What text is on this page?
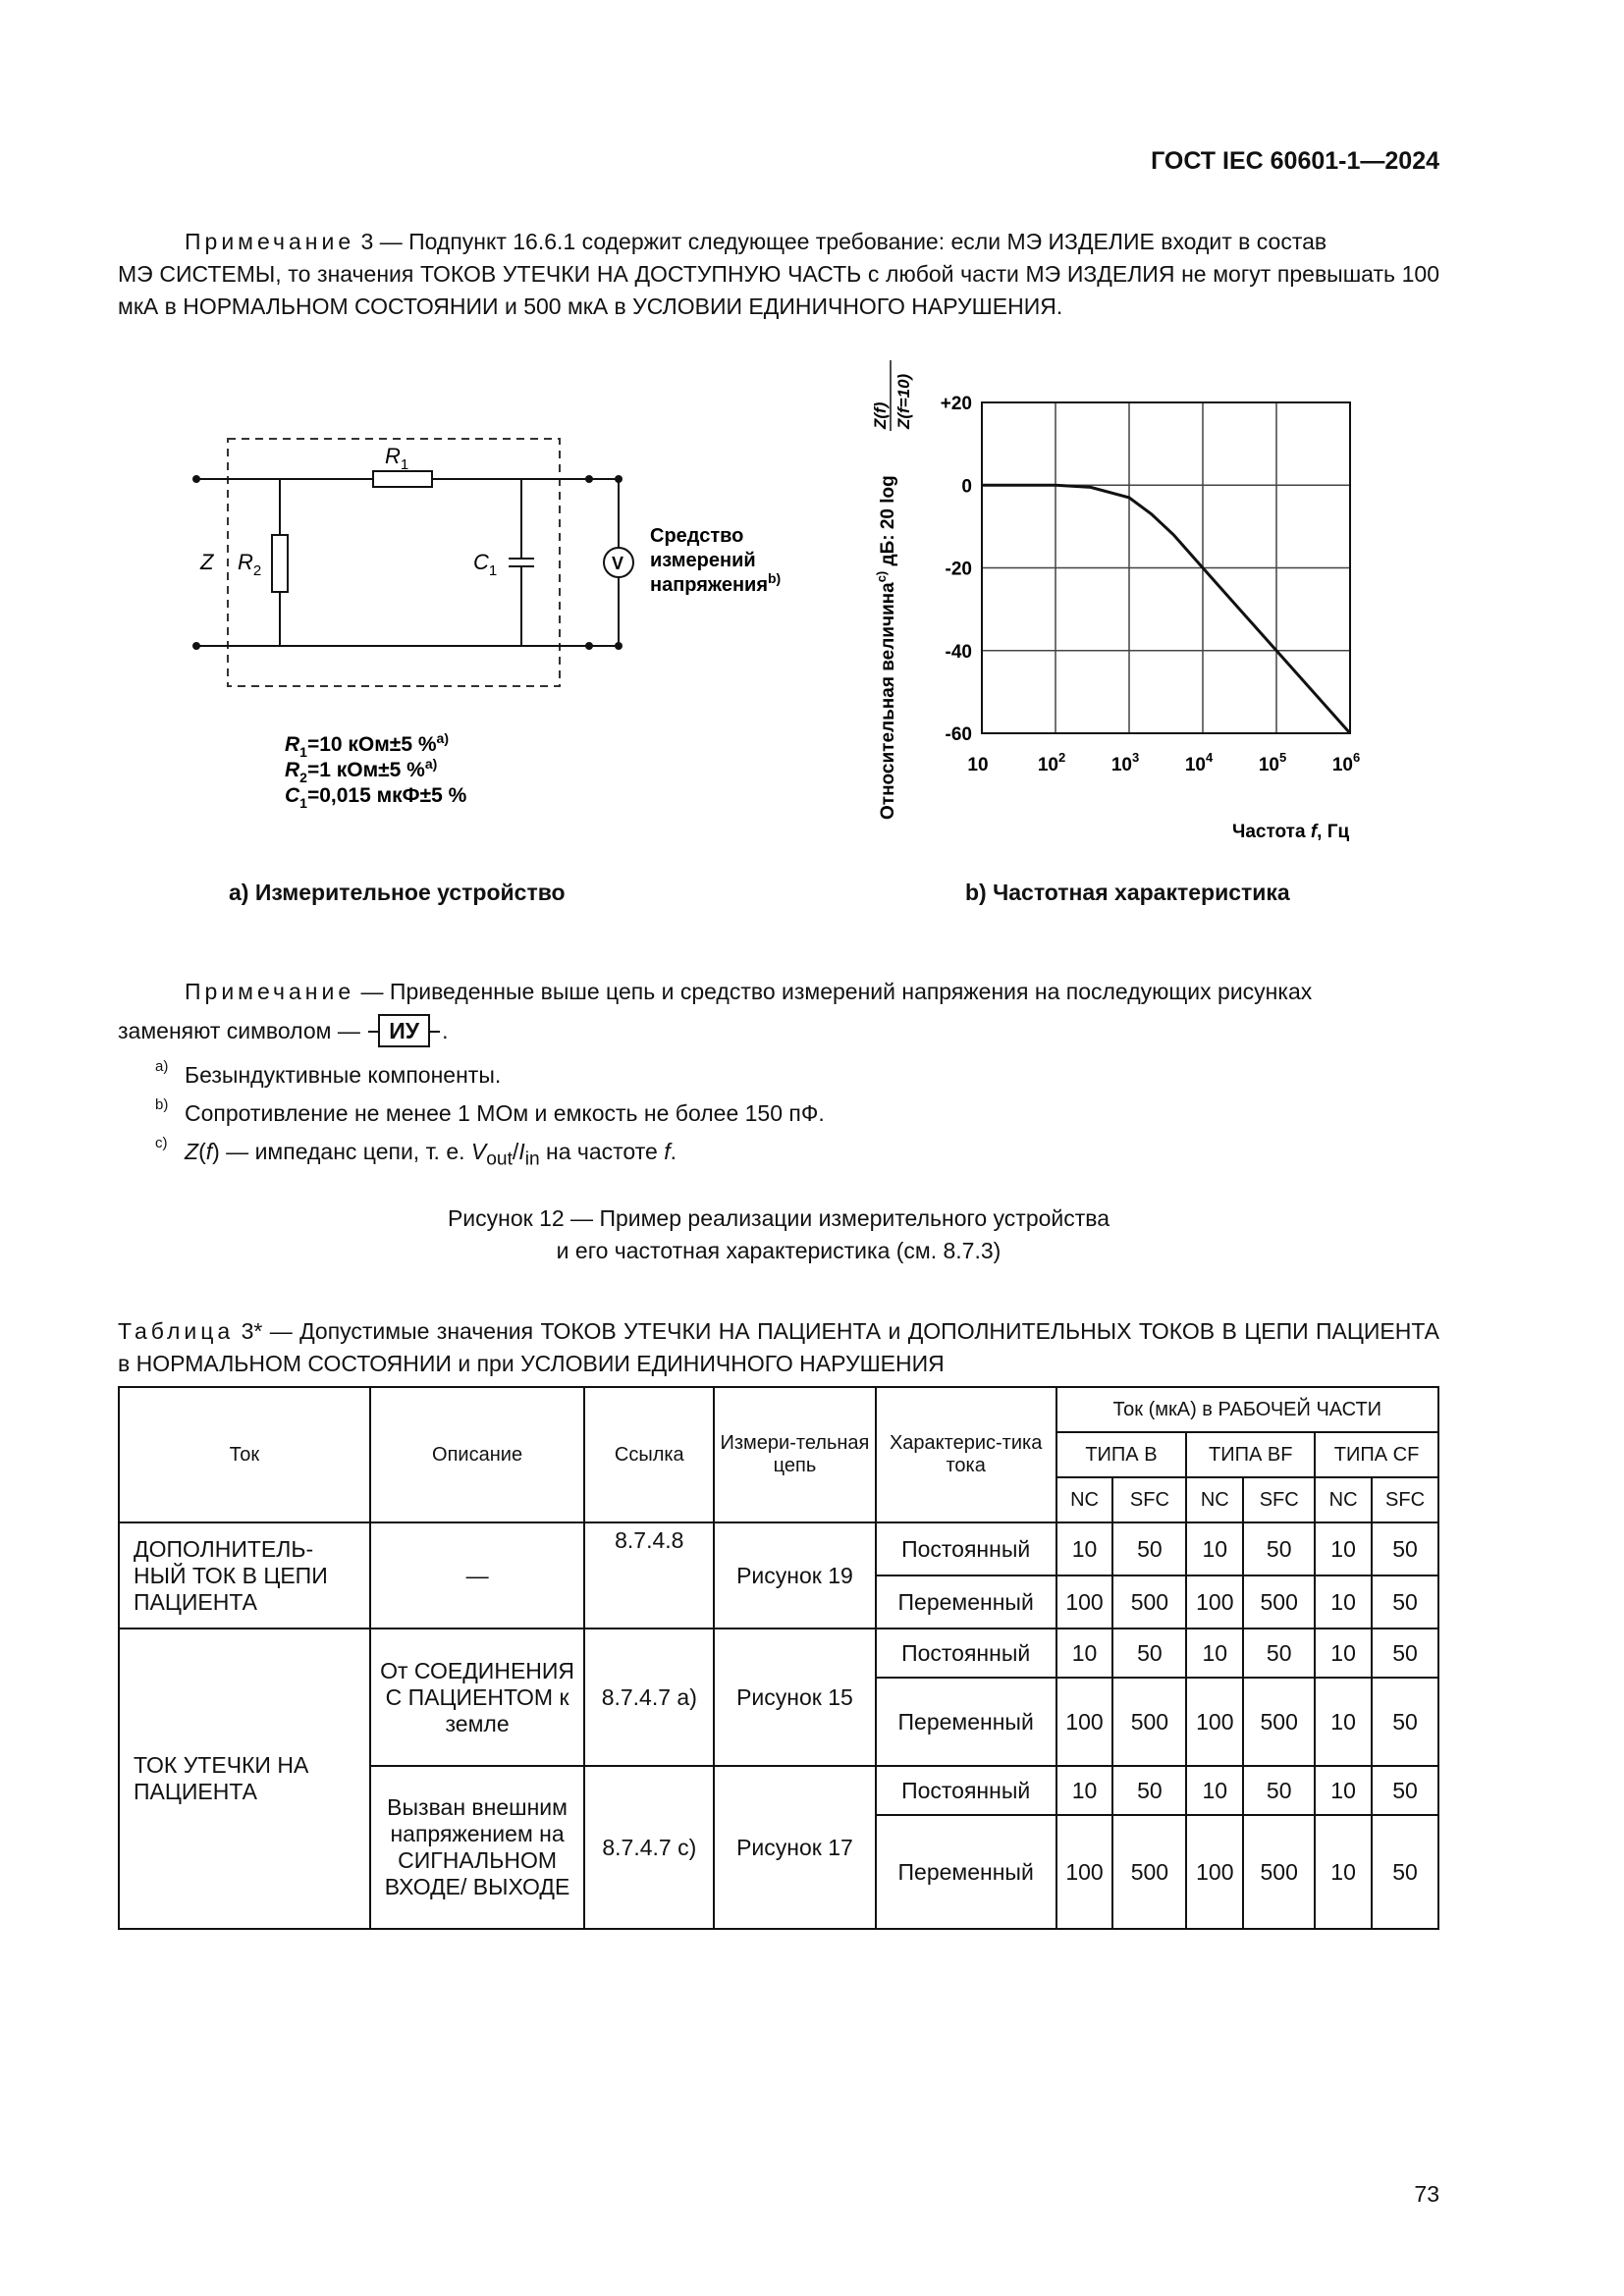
ГОСТ IEC 60601-1—2024
Примечание 3 — Подпункт 16.6.1 содержит следующее требование: если МЭ ИЗДЕЛИЕ входит в состав
МЭ СИСТЕМЫ, то значения ТОКОВ УТЕЧКИ НА ДОСТУПНУЮ ЧАСТЬ с любой части МЭ ИЗДЕЛИЯ не могут превышать 100 мкА в НОРМАЛЬНОМ СОСТОЯНИИ и 500 мкА в УСЛОВИИ ЕДИНИЧНОГО НАРУШЕНИЯ.
$R_1$
Z $R_2$	$C_1$	V
Средство
измерений
напряжения$^{b)}$
$R_1=10$ кОм±5 %$^{a)}$
$R_2=1$ кОм±5 %$^{a)}$
$C_1=0,015$ мкФ±5 %
+20
0
-20
-40
-60
10	$10^2$ $10^3$ $10^4$ $10^5$ $10^6$
Частота f, Гц
Относительная величина$^{c)}$ дБ: 20 log
Z(f) Z(f=10)
а) Измерительное устройство	b) Частотная характеристика
Примечание — Приведенные выше цепь и средство измерений напряжения на последующих рисунках
заменяют символом — ИУ .
a) Безындуктивные компоненты.
b) Сопротивление не менее 1 МОм и емкость не более 150 пФ.
c) Z(f) — импеданс цепи, т. е. $V_{out}/I_{in}$ на частоте f.
Рисунок 12 — Пример реализации измерительного устройства
и его частотная характеристика (см. 8.7.3)
Таблица 3* — Допустимые значения ТОКОВ УТЕЧКИ НА ПАЦИЕНТА и ДОПОЛНИТЕЛЬНЫХ ТОКОВ В ЦЕПИ ПАЦИЕНТА в НОРМАЛЬНОМ СОСТОЯНИИ и при УСЛОВИИ ЕДИНИЧНОГО НАРУШЕНИЯ
Ток	Описание	Ссылка	Измери-тельная цепь	Характерис-тика тока	Ток (мкА) в РАБОЧЕЙ ЧАСТИ					
					ТИПА В		ТИПА BF		ТИПА CF	
					NC	SFC	NC	SFC	NC	SFC
ДОПОЛНИТЕЛЬ-НЫЙ ТОК В ЦЕПИ ПАЦИЕНТА	—	8.7.4.8	Рисунок 19	Постоянный	10	50	10	50	10	50
				Переменный	100	500	100	500	10	50
ТОК УТЕЧКИ НА ПАЦИЕНТА	От СОЕДИНЕНИЯ С ПАЦИЕНТОМ к земле	8.7.4.7 а)	Рисунок 15	Постоянный	10	50	10	50	10	50
				Переменный	100	500	100	500	10	50
	Вызван внешним напряжением на СИГНАЛЬНОМ ВХОДЕ/ ВЫХОДЕ	8.7.4.7 c)	Рисунок 17	Постоянный	10	50	10	50	10	50
				Переменный	100	500	100	500	10	50
73
